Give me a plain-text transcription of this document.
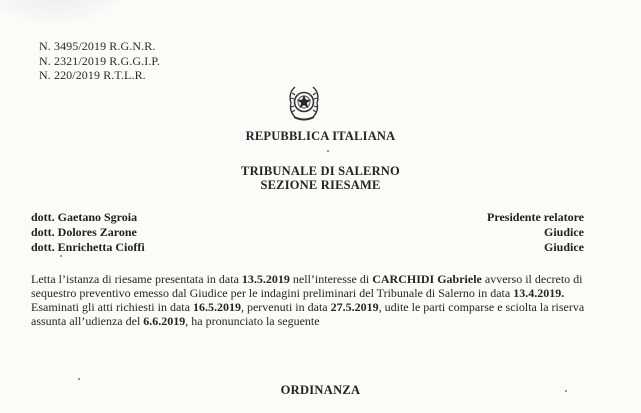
N. 3495/2019 R.G.N.R.
N. 2321/2019 R.G.G.I.P.
N. 220/2019 R.T.L.R.
REPUBBLICA ITALIANA
TRIBUNALE DI SALERNO
SEZIONE RIESAME
dott. Gaetano Sgroia
dott. Dolores Zarone
dott. Enrichetta Cioffi
Presidente relatore
Giudice
Giudice

Letta l’istanza di riesame presentata in data 13.5.2019 nell’interesse di CARCHIDI Gabriele avverso il decreto di sequestro preventivo emesso dal Giudice per le indagini preliminari del Tribunale di Salerno in data 13.4.2019.

Esaminati gli atti richiesti in data 16.5.2019, pervenuti in data 27.5.2019, udite le parti comparse e sciolta la riserva assunta all’udienza del 6.6.2019, ha pronunciato la seguente

ORDINANZA
